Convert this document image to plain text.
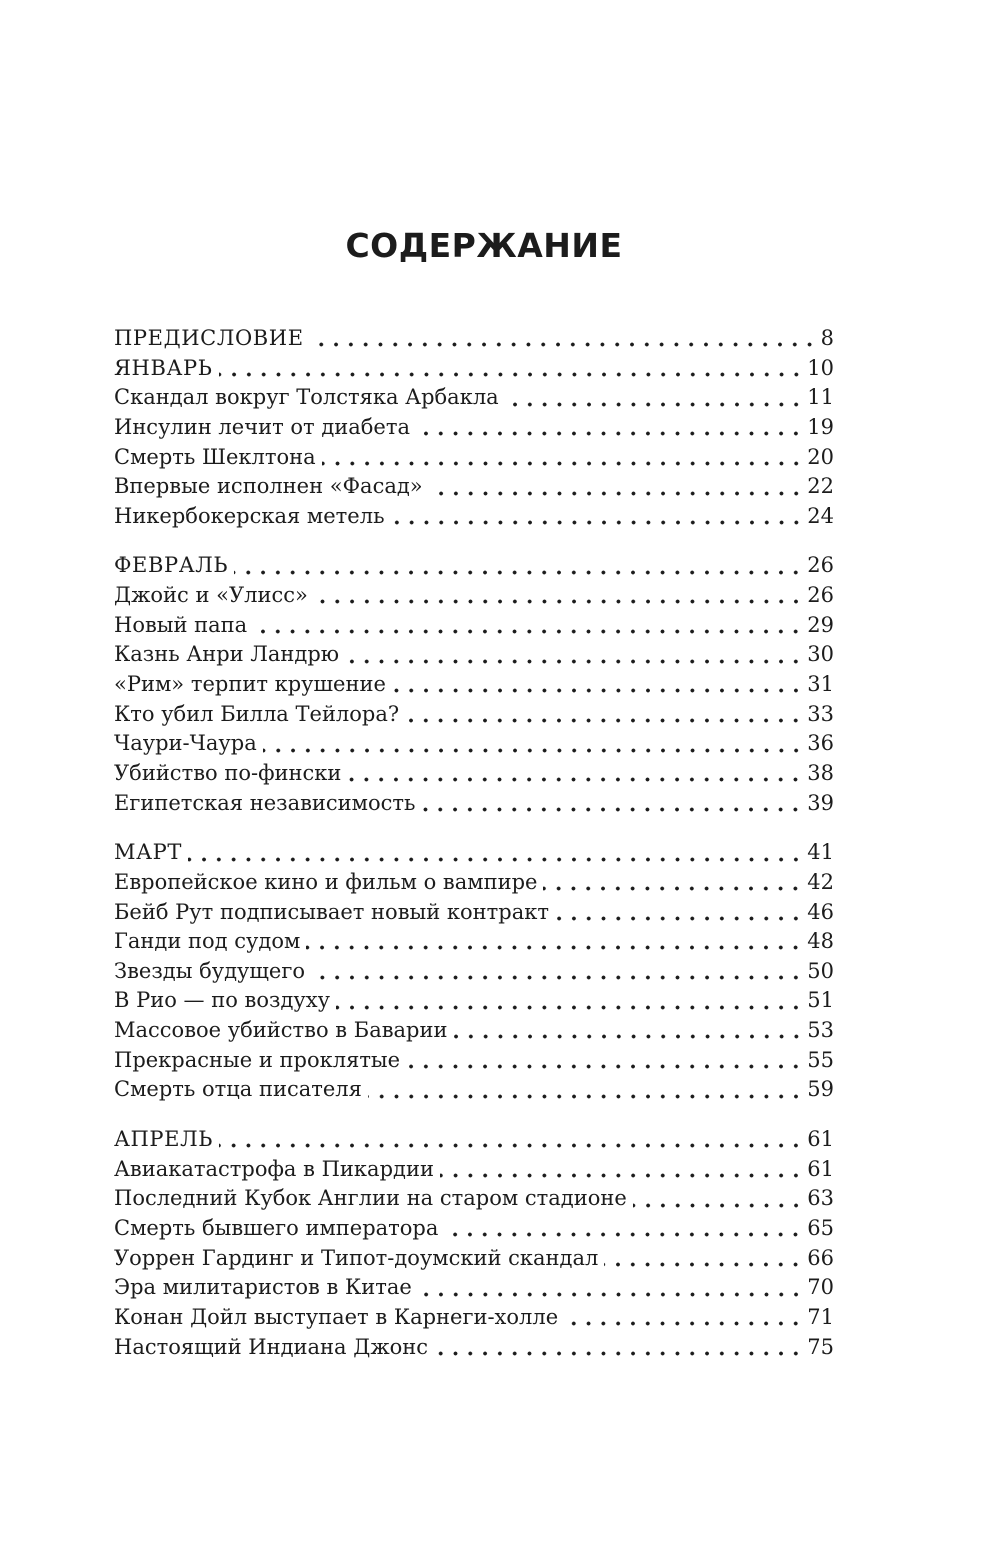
СОДЕРЖАНИЕ
ПРЕДИСЛОВИЕ	8
ЯНВАРЬ	10
Скандал вокруг Толстяка Арбакла	11
Инсулин лечит от диабета	19
Смерть Шеклтона	20
Впервые исполнен «Фасад»	22
Никербокерская метель	24
ФЕВРАЛЬ	26
Джойс и «Улисс»	26
Новый папа	29
Казнь Анри Ландрю	30
«Рим» терпит крушение	31
Кто убил Билла Тейлора?	33
Чаури-Чаура	36
Убийство по-фински	38
Египетская независимость	39
МАРТ	41
Европейское кино и фильм о вампире	42
Бейб Рут подписывает новый контракт	46
Ганди под судом	48
Звезды будущего	50
В Рио — по воздуху	51
Массовое убийство в Баварии	53
Прекрасные и проклятые	55
Смерть отца писателя	59
АПРЕЛЬ	61
Авиакатастрофа в Пикардии	61
Последний Кубок Англии на старом стадионе	63
Смерть бывшего императора	65
Уоррен Гардинг и Типот-доумский скандал	66
Эра милитаристов в Китае	70
Конан Дойл выступает в Карнеги-холле	71
Настоящий Индиана Джонс	75
